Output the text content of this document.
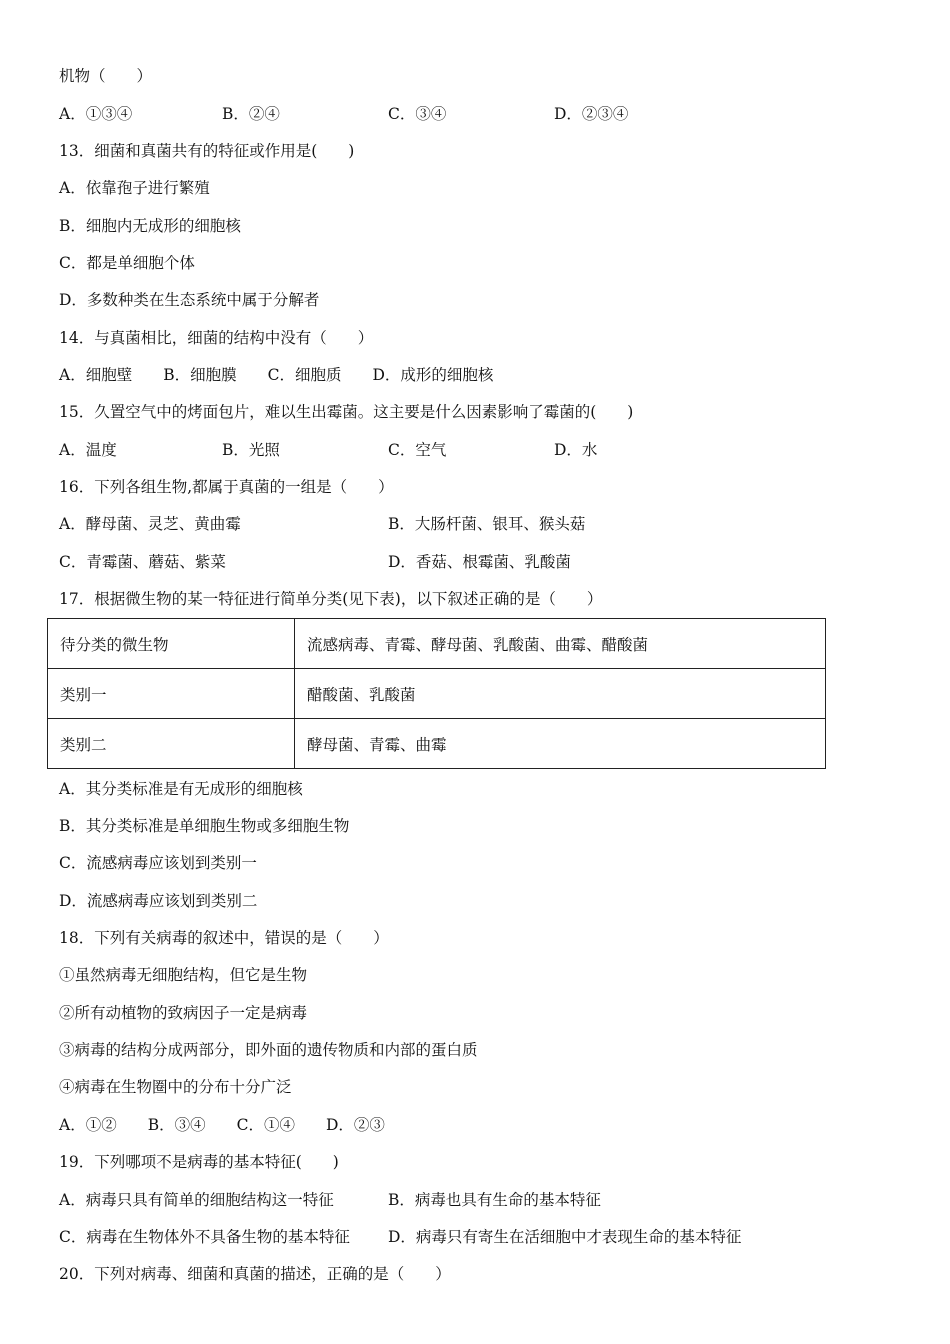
机物（　　）
A．①③④	B．②④	C．③④	D．②③④
13．细菌和真菌共有的特征或作用是(　　)
A．依靠孢子进行繁殖
B．细胞内无成形的细胞核
C．都是单细胞个体
D．多数种类在生态系统中属于分解者
14．与真菌相比，细菌的结构中没有（　　）
A．细胞壁　　B．细胞膜　　C．细胞质　　D．成形的细胞核
15．久置空气中的烤面包片，难以生出霉菌。这主要是什么因素影响了霉菌的(　　)
A．温度	B．光照	C．空气	D．水
16．下列各组生物,都属于真菌的一组是（　　）
A．酵母菌、灵芝、黄曲霉	B．大肠杆菌、银耳、猴头菇
C．青霉菌、蘑菇、紫菜	D．香菇、根霉菌、乳酸菌
17．根据微生物的某一特征进行简单分类(见下表)，以下叙述正确的是（　　）
待分类的微生物	流感病毒、青霉、酵母菌、乳酸菌、曲霉、醋酸菌
类别一	醋酸菌、乳酸菌
类别二	酵母菌、青霉、曲霉
A．其分类标准是有无成形的细胞核
B．其分类标准是单细胞生物或多细胞生物
C．流感病毒应该划到类别一
D．流感病毒应该划到类别二
18．下列有关病毒的叙述中，错误的是（　　）
①虽然病毒无细胞结构，但它是生物
②所有动植物的致病因子一定是病毒
③病毒的结构分成两部分，即外面的遗传物质和内部的蛋白质
④病毒在生物圈中的分布十分广泛
A．①②　　B．③④　　C．①④　　D．②③
19．下列哪项不是病毒的基本特征(　　)
A．病毒只具有简单的细胞结构这一特征	B．病毒也具有生命的基本特征
C．病毒在生物体外不具备生物的基本特征 D．病毒只有寄生在活细胞中才表现生命的基本特征
20．下列对病毒、细菌和真菌的描述，正确的是（　　）
